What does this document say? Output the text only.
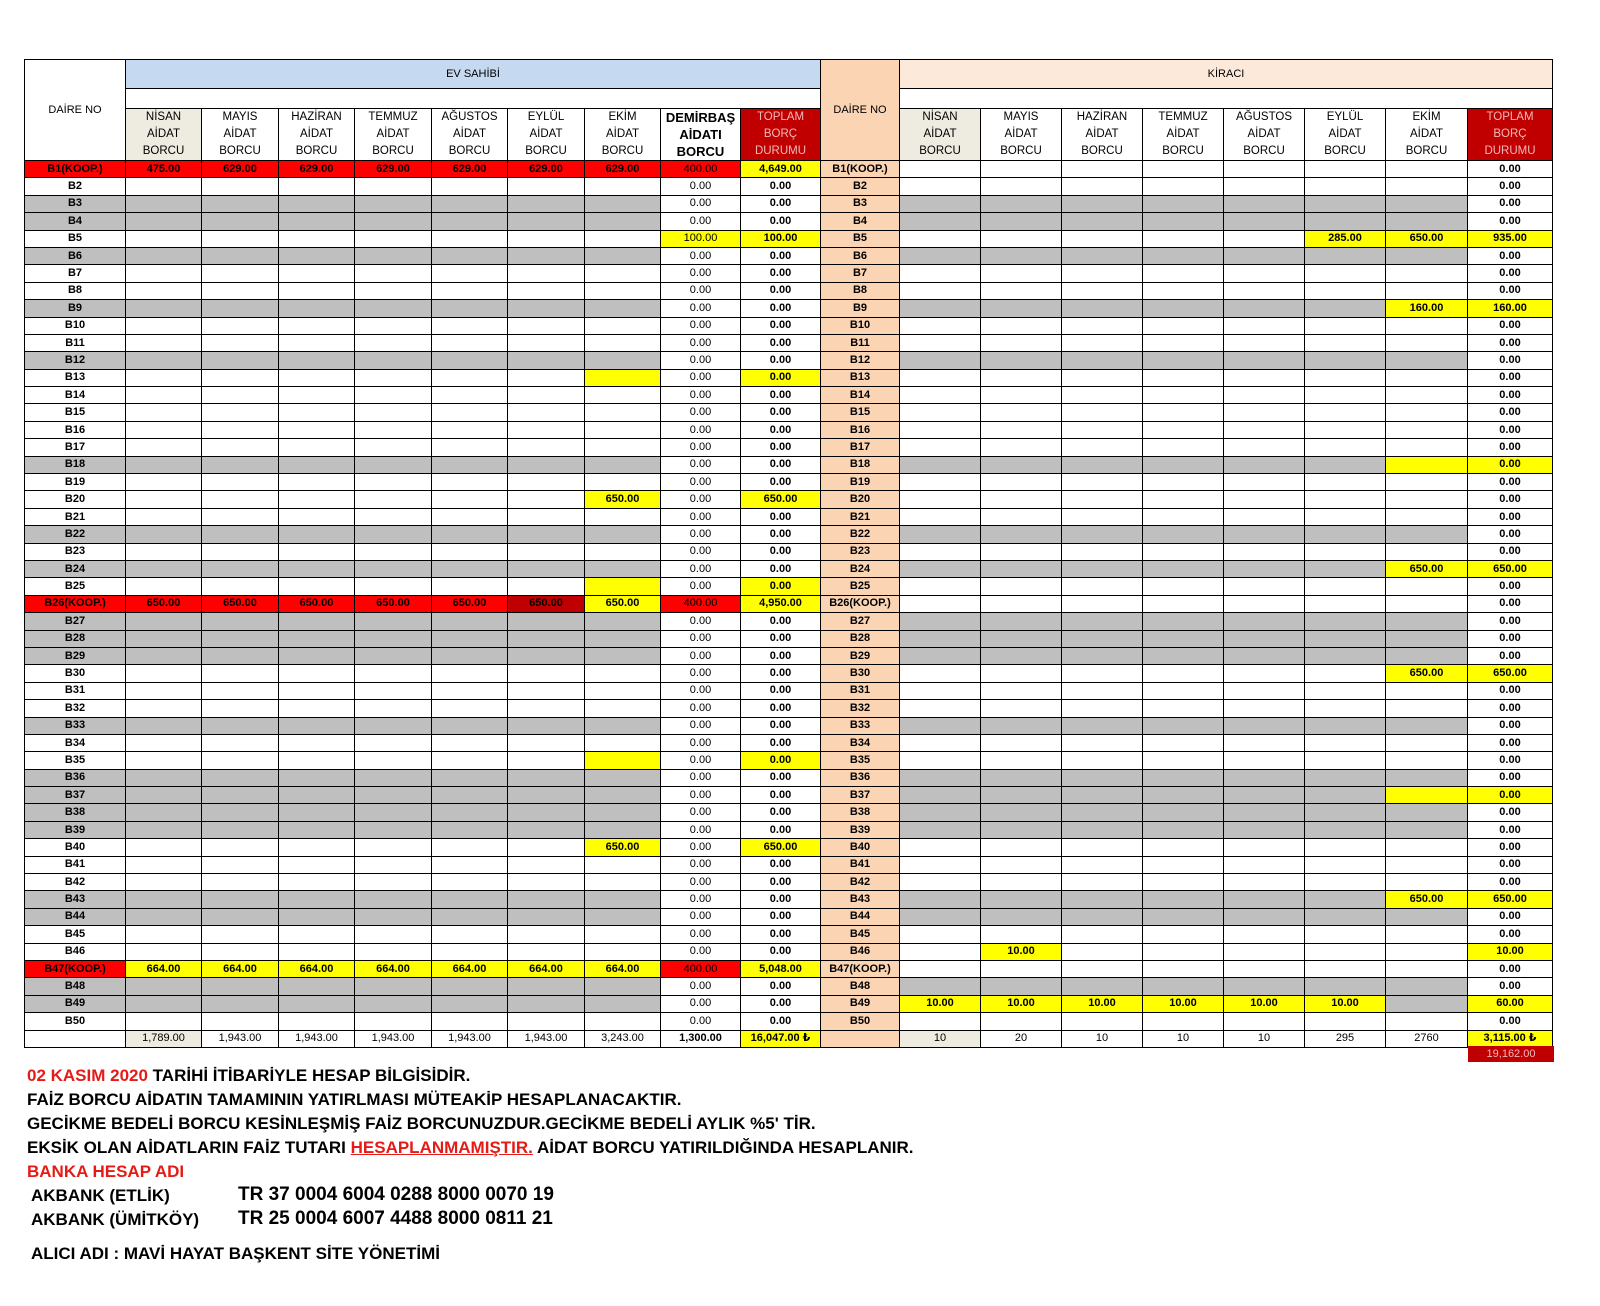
DAİRE NO	EV SAHİBİ									DAİRE NO	KİRACI							

	NİSAN
AİDAT
BORCU	MAYIS
AİDAT
BORCU	HAZİRAN
AİDAT
BORCU	TEMMUZ
AİDAT
BORCU	AĞUSTOS
AİDAT
BORCU	EYLÜL
AİDAT
BORCU	EKİM
AİDAT
BORCU	DEMİRBAŞ
AİDATI
BORCU	TOPLAM
BORÇ
DURUMU		NİSAN
AİDAT
BORCU	MAYIS
AİDAT
BORCU	HAZİRAN
AİDAT
BORCU	TEMMUZ
AİDAT
BORCU	AĞUSTOS
AİDAT
BORCU	EYLÜL
AİDAT
BORCU	EKİM
AİDAT
BORCU	TOPLAM
BORÇ
DURUMU
B1(KOOP.)	475.00	629.00	629.00	629.00	629.00	629.00	629.00	400.00	4,649.00	B1(KOOP.)								0.00
B2								0.00	0.00	B2								0.00
B3								0.00	0.00	B3								0.00
B4								0.00	0.00	B4								0.00
B5								100.00	100.00	B5						285.00	650.00	935.00
B6								0.00	0.00	B6								0.00
B7								0.00	0.00	B7								0.00
B8								0.00	0.00	B8								0.00
B9								0.00	0.00	B9							160.00	160.00
B10								0.00	0.00	B10								0.00
B11								0.00	0.00	B11								0.00
B12								0.00	0.00	B12								0.00
B13								0.00	0.00	B13								0.00
B14								0.00	0.00	B14								0.00
B15								0.00	0.00	B15								0.00
B16								0.00	0.00	B16								0.00
B17								0.00	0.00	B17								0.00
B18								0.00	0.00	B18								0.00
B19								0.00	0.00	B19								0.00
B20							650.00	0.00	650.00	B20								0.00
B21								0.00	0.00	B21								0.00
B22								0.00	0.00	B22								0.00
B23								0.00	0.00	B23								0.00
B24								0.00	0.00	B24							650.00	650.00
B25								0.00	0.00	B25								0.00
B26(KOOP.)	650.00	650.00	650.00	650.00	650.00	650.00	650.00	400.00	4,950.00	B26(KOOP.)								0.00
B27								0.00	0.00	B27								0.00
B28								0.00	0.00	B28								0.00
B29								0.00	0.00	B29								0.00
B30								0.00	0.00	B30							650.00	650.00
B31								0.00	0.00	B31								0.00
B32								0.00	0.00	B32								0.00
B33								0.00	0.00	B33								0.00
B34								0.00	0.00	B34								0.00
B35								0.00	0.00	B35								0.00
B36								0.00	0.00	B36								0.00
B37								0.00	0.00	B37								0.00
B38								0.00	0.00	B38								0.00
B39								0.00	0.00	B39								0.00
B40							650.00	0.00	650.00	B40								0.00
B41								0.00	0.00	B41								0.00
B42								0.00	0.00	B42								0.00
B43								0.00	0.00	B43							650.00	650.00
B44								0.00	0.00	B44								0.00
B45								0.00	0.00	B45								0.00
B46								0.00	0.00	B46		10.00						10.00
B47(KOOP.)	664.00	664.00	664.00	664.00	664.00	664.00	664.00	400.00	5,048.00	B47(KOOP.)								0.00
B48								0.00	0.00	B48								0.00
B49								0.00	0.00	B49	10.00	10.00	10.00	10.00	10.00	10.00		60.00
B50								0.00	0.00	B50								0.00
	1,789.00	1,943.00	1,943.00	1,943.00	1,943.00	1,943.00	3,243.00	1,300.00	16,047.00 ₺		10	20	10	10	10	295	2760	3,115.00 ₺
19,162.00
02 KASIM 2020 TARİHİ İTİBARİYLE HESAP BİLGİSİDİR.
FAİZ BORCU AİDATIN TAMAMININ YATIRLMASI MÜTEAKİP HESAPLANACAKTIR.
GECİKME BEDELİ BORCU KESİNLEŞMİŞ FAİZ BORCUNUZDUR.GECİKME BEDELİ AYLIK %5' TİR.
EKSİK OLAN AİDATLARIN FAİZ TUTARI HESAPLANMAMIŞTIR. AİDAT BORCU YATIRILDIĞINDA HESAPLANIR.
BANKA HESAP ADI
AKBANK (ETLİK)	TR 37 0004 6004 0288 8000 0070 19
AKBANK (ÜMİTKÖY) TR 25 0004 6007 4488 8000 0811 21
ALICI ADI : MAVİ HAYAT BAŞKENT SİTE YÖNETİMİ
